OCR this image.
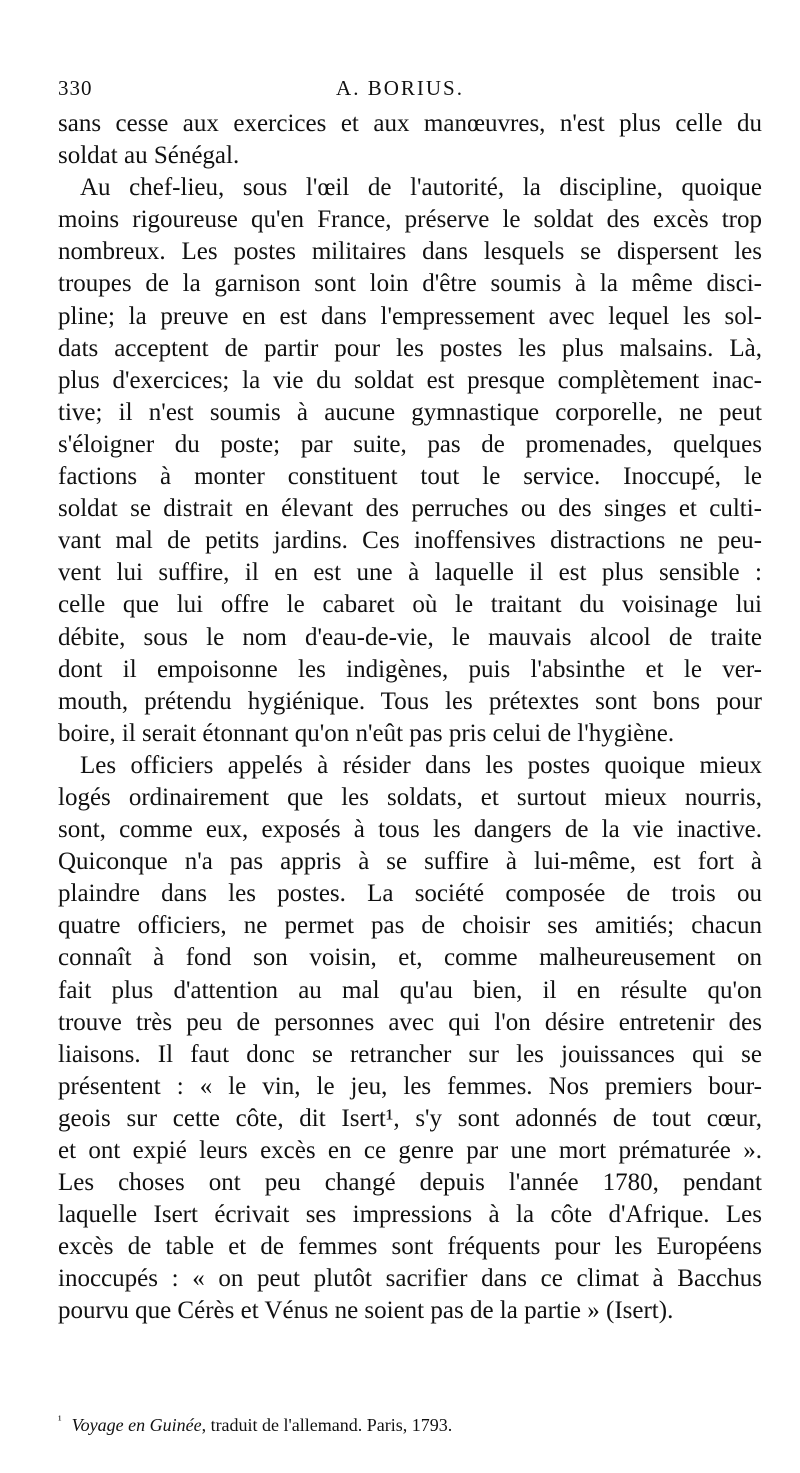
330	A. BORIUS.
sans cesse aux exercices et aux manœuvres, n'est plus celle du
soldat au Sénégal.
Au chef-lieu, sous l'œil de l'autorité, la discipline, quoique
moins rigoureuse qu'en France, préserve le soldat des excès trop
nombreux. Les postes militaires dans lesquels se dispersent les
troupes de la garnison sont loin d'être soumis à la même disci-
pline; la preuve en est dans l'empressement avec lequel les sol-
dats acceptent de partir pour les postes les plus malsains. Là,
plus d'exercices; la vie du soldat est presque complètement inac-
tive; il n'est soumis à aucune gymnastique corporelle, ne peut
s'éloigner du poste; par suite, pas de promenades, quelques
factions à monter constituent tout le service. Inoccupé, le
soldat se distrait en élevant des perruches ou des singes et culti-
vant mal de petits jardins. Ces inoffensives distractions ne peu-
vent lui suffire, il en est une à laquelle il est plus sensible :
celle que lui offre le cabaret où le traitant du voisinage lui
débite, sous le nom d'eau-de-vie, le mauvais alcool de traite
dont il empoisonne les indigènes, puis l'absinthe et le ver-
mouth, prétendu hygiénique. Tous les prétextes sont bons pour
boire, il serait étonnant qu'on n'eût pas pris celui de l'hygiène.
Les officiers appelés à résider dans les postes quoique mieux
logés ordinairement que les soldats, et surtout mieux nourris,
sont, comme eux, exposés à tous les dangers de la vie inactive.
Quiconque n'a pas appris à se suffire à lui-même, est fort à
plaindre dans les postes. La société composée de trois ou
quatre officiers, ne permet pas de choisir ses amitiés; chacun
connaît à fond son voisin, et, comme malheureusement on
fait plus d'attention au mal qu'au bien, il en résulte qu'on
trouve très peu de personnes avec qui l'on désire entretenir des
liaisons. Il faut donc se retrancher sur les jouissances qui se
présentent : « le vin, le jeu, les femmes. Nos premiers bour-
geois sur cette côte, dit Isert¹, s'y sont adonnés de tout cœur,
et ont expié leurs excès en ce genre par une mort prématurée ».
Les choses ont peu changé depuis l'année 1780, pendant
laquelle Isert écrivait ses impressions à la côte d'Afrique. Les
excès de table et de femmes sont fréquents pour les Européens
inoccupés : « on peut plutôt sacrifier dans ce climat à Bacchus
pourvu que Cérès et Vénus ne soient pas de la partie » (Isert).
$^{^1}$ Voyage en Guinée, traduit de l'allemand. Paris, 1793.
